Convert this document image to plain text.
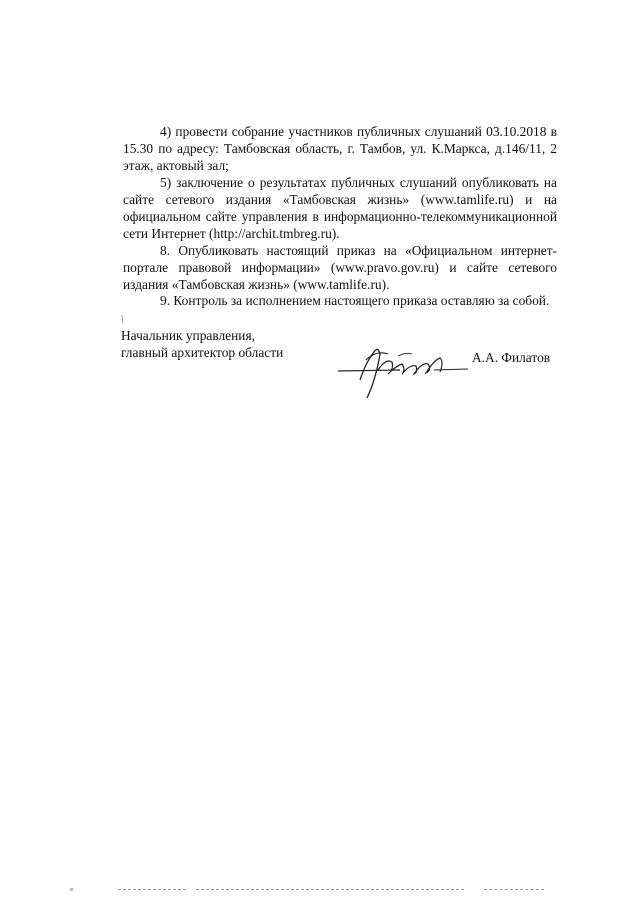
4) провести собрание участников публичных слушаний 03.10.2018 в
15.30 по адресу: Тамбовская область, г. Тамбов, ул. К.Маркса, д.146/11, 2
этаж, актовый зал;
5) заключение о результатах публичных слушаний опубликовать на
сайте сетевого издания «Тамбовская жизнь» (www.tamlife.ru) и на
официальном сайте управления в информационно-телекоммуникационной
сети Интернет (http://archit.tmbreg.ru).
8. Опубликовать настоящий приказ на «Официальном интернет-
портале правовой информации» (www.pravo.gov.ru) и сайте сетевого
издания «Тамбовская жизнь» (www.tamlife.ru).
9. Контроль за исполнением настоящего приказа оставляю за собой.
Начальник управления,
главный архитектор области	А.А. Филатов
